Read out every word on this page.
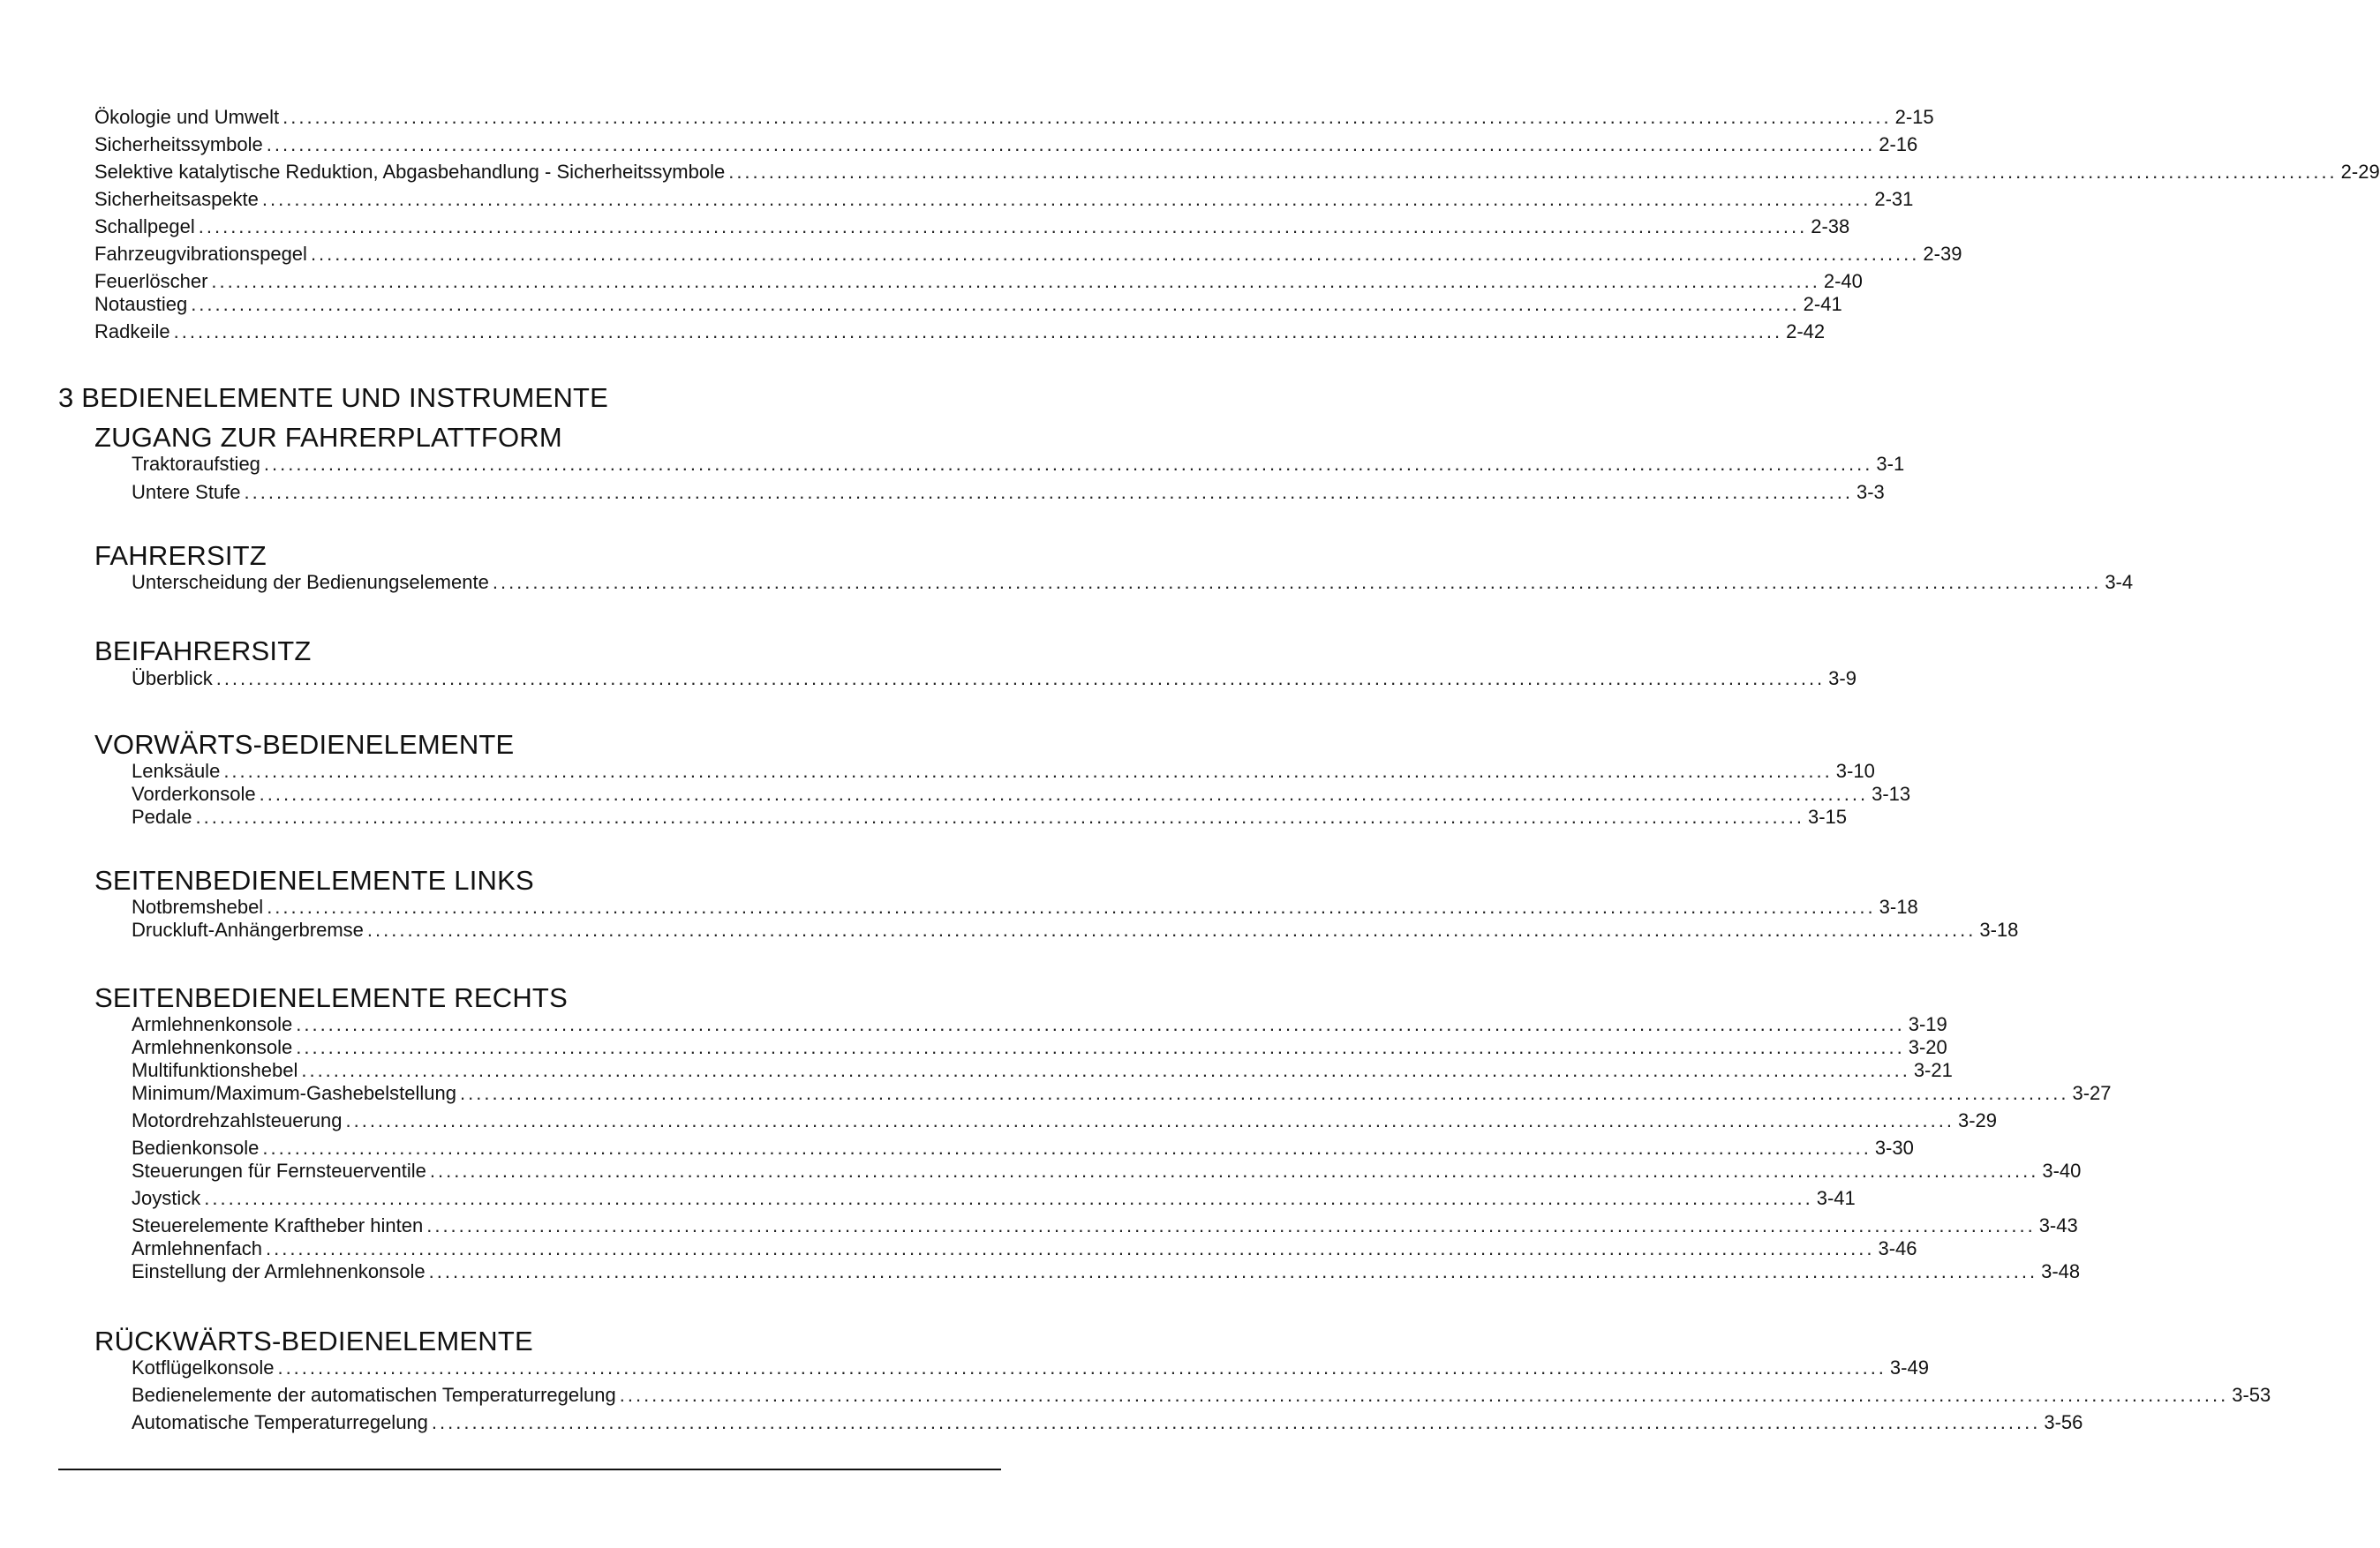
Ökologie und Umwelt ........................................................................................................................................................................................................ 2-15
Sicherheitssymbole ........................................................................................................................................................................................................ 2-16
Selektive katalytische Reduktion, Abgasbehandlung - Sicherheitssymbole ........................................................................................................................................................................................................ 2-29
Sicherheitsaspekte ........................................................................................................................................................................................................ 2-31
Schallpegel ........................................................................................................................................................................................................ 2-38
Fahrzeugvibrationspegel ........................................................................................................................................................................................................ 2-39
Feuerlöscher ........................................................................................................................................................................................................ 2-40
Notaustieg ........................................................................................................................................................................................................ 2-41
Radkeile ........................................................................................................................................................................................................ 2-42
3 BEDIENELEMENTE UND INSTRUMENTE
ZUGANG ZUR FAHRERPLATTFORM
Traktoraufstieg ........................................................................................................................................................................................................ 3-1
Untere Stufe ........................................................................................................................................................................................................ 3-3
FAHRERSITZ
Unterscheidung der Bedienungselemente ........................................................................................................................................................................................................ 3-4
BEIFAHRERSITZ
Überblick ........................................................................................................................................................................................................ 3-9
VORWÄRTS-BEDIENELEMENTE
Lenksäule ........................................................................................................................................................................................................ 3-10
Vorderkonsole ........................................................................................................................................................................................................ 3-13
Pedale ........................................................................................................................................................................................................ 3-15
SEITENBEDIENELEMENTE LINKS
Notbremshebel ........................................................................................................................................................................................................ 3-18
Druckluft-Anhängerbremse ........................................................................................................................................................................................................ 3-18
SEITENBEDIENELEMENTE RECHTS
Armlehnenkonsole ........................................................................................................................................................................................................ 3-19
Armlehnenkonsole ........................................................................................................................................................................................................ 3-20
Multifunktionshebel ........................................................................................................................................................................................................ 3-21
Minimum/Maximum-Gashebelstellung ........................................................................................................................................................................................................ 3-27
Motordrehzahlsteuerung ........................................................................................................................................................................................................ 3-29
Bedienkonsole ........................................................................................................................................................................................................ 3-30
Steuerungen für Fernsteuerventile ........................................................................................................................................................................................................ 3-40
Joystick ........................................................................................................................................................................................................ 3-41
Steuerelemente Kraftheber hinten ........................................................................................................................................................................................................ 3-43
Armlehnenfach ........................................................................................................................................................................................................ 3-46
Einstellung der Armlehnenkonsole ........................................................................................................................................................................................................ 3-48
RÜCKWÄRTS-BEDIENELEMENTE
Kotflügelkonsole ........................................................................................................................................................................................................ 3-49
Bedienelemente der automatischen Temperaturregelung ........................................................................................................................................................................................................ 3-53
Automatische Temperaturregelung ........................................................................................................................................................................................................ 3-56
